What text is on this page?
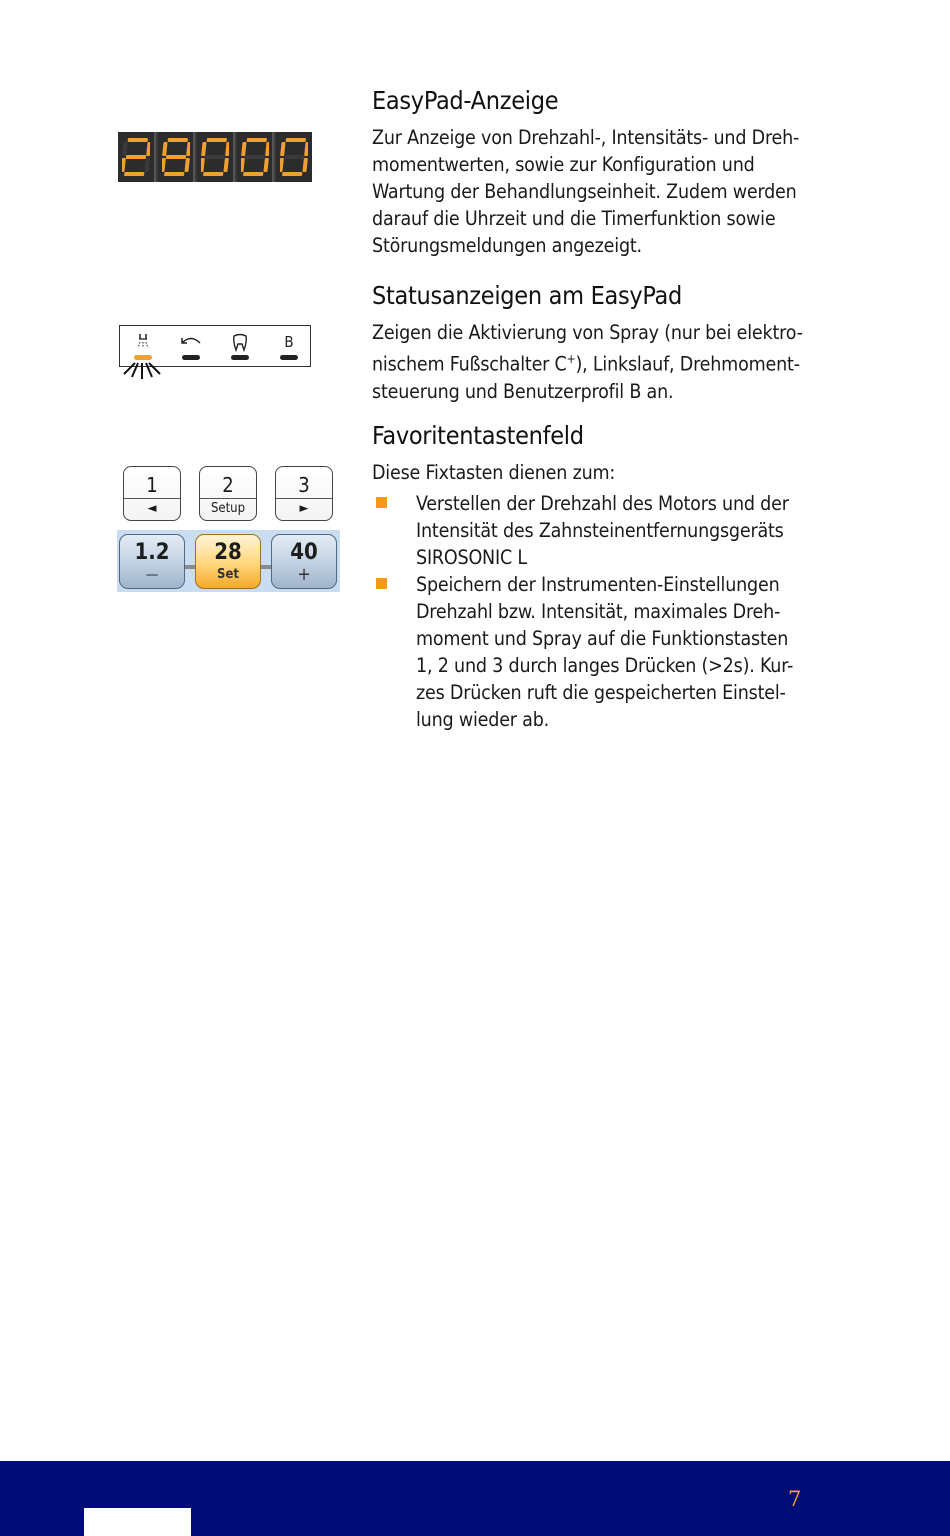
EasyPad-Anzeige

Zur Anzeige von Drehzahl-, Intensitäts- und Dreh-
momentwerten, sowie zur Konfiguration und
Wartung der Behandlungseinheit. Zudem werden
darauf die Uhrzeit und die Timerfunktion sowie
Störungsmeldungen angezeigt.

Statusanzeigen am EasyPad

Zeigen die Aktivierung von Spray (nur bei elektro-
nischem Fußschalter C+), Linkslauf, Drehmoment-
steuerung und Benutzerprofil B an.

B
Favoritentastenfeld

Diese Fixtasten dienen zum:

Verstellen der Drehzahl des Motors und der
Intensität des Zahnsteinentfernungsgeräts
SIROSONIC L
Speichern der Instrumenten-Einstellungen
Drehzahl bzw. Intensität, maximales Dreh-
moment und Spray auf die Funktionstasten
1, 2 und 3 durch langes Drücken (>2s). Kur-
zes Drücken ruft die gespeicherten Einstel-
lung wieder ab.
1
◄
2
Setup
3
►
1.2
—
28
Set
40
+
7
